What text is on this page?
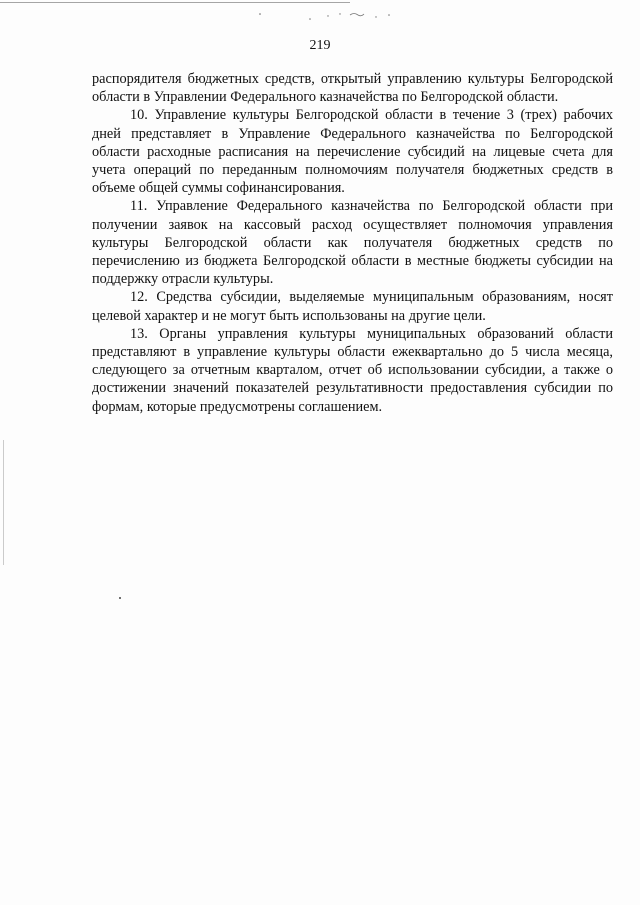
219

распорядителя бюджетных средств, открытый управлению культуры Белгородской области в Управлении Федерального казначейства по Белгородской области.

10. Управление культуры Белгородской области в течение 3 (трех) рабочих дней представляет в Управление Федерального казначейства по Белгородской области расходные расписания на перечисление субсидий на лицевые счета для учета операций по переданным полномочиям получателя бюджетных средств в объеме общей суммы софинансирования.

11. Управление Федерального казначейства по Белгородской области при получении заявок на кассовый расход осуществляет полномочия управления культуры Белгородской области как получателя бюджетных средств по перечислению из бюджета Белгородской области в местные бюджеты субсидии на поддержку отрасли культуры.

12. Средства субсидии, выделяемые муниципальным образованиям, носят целевой характер и не могут быть использованы на другие цели.

13. Органы управления культуры муниципальных образований области представляют в управление культуры области ежеквартально до 5 числа месяца, следующего за отчетным кварталом, отчет об использовании субсидии, а также о достижении значений показателей результативности предоставления субсидии по формам, которые предусмотрены соглашением.
